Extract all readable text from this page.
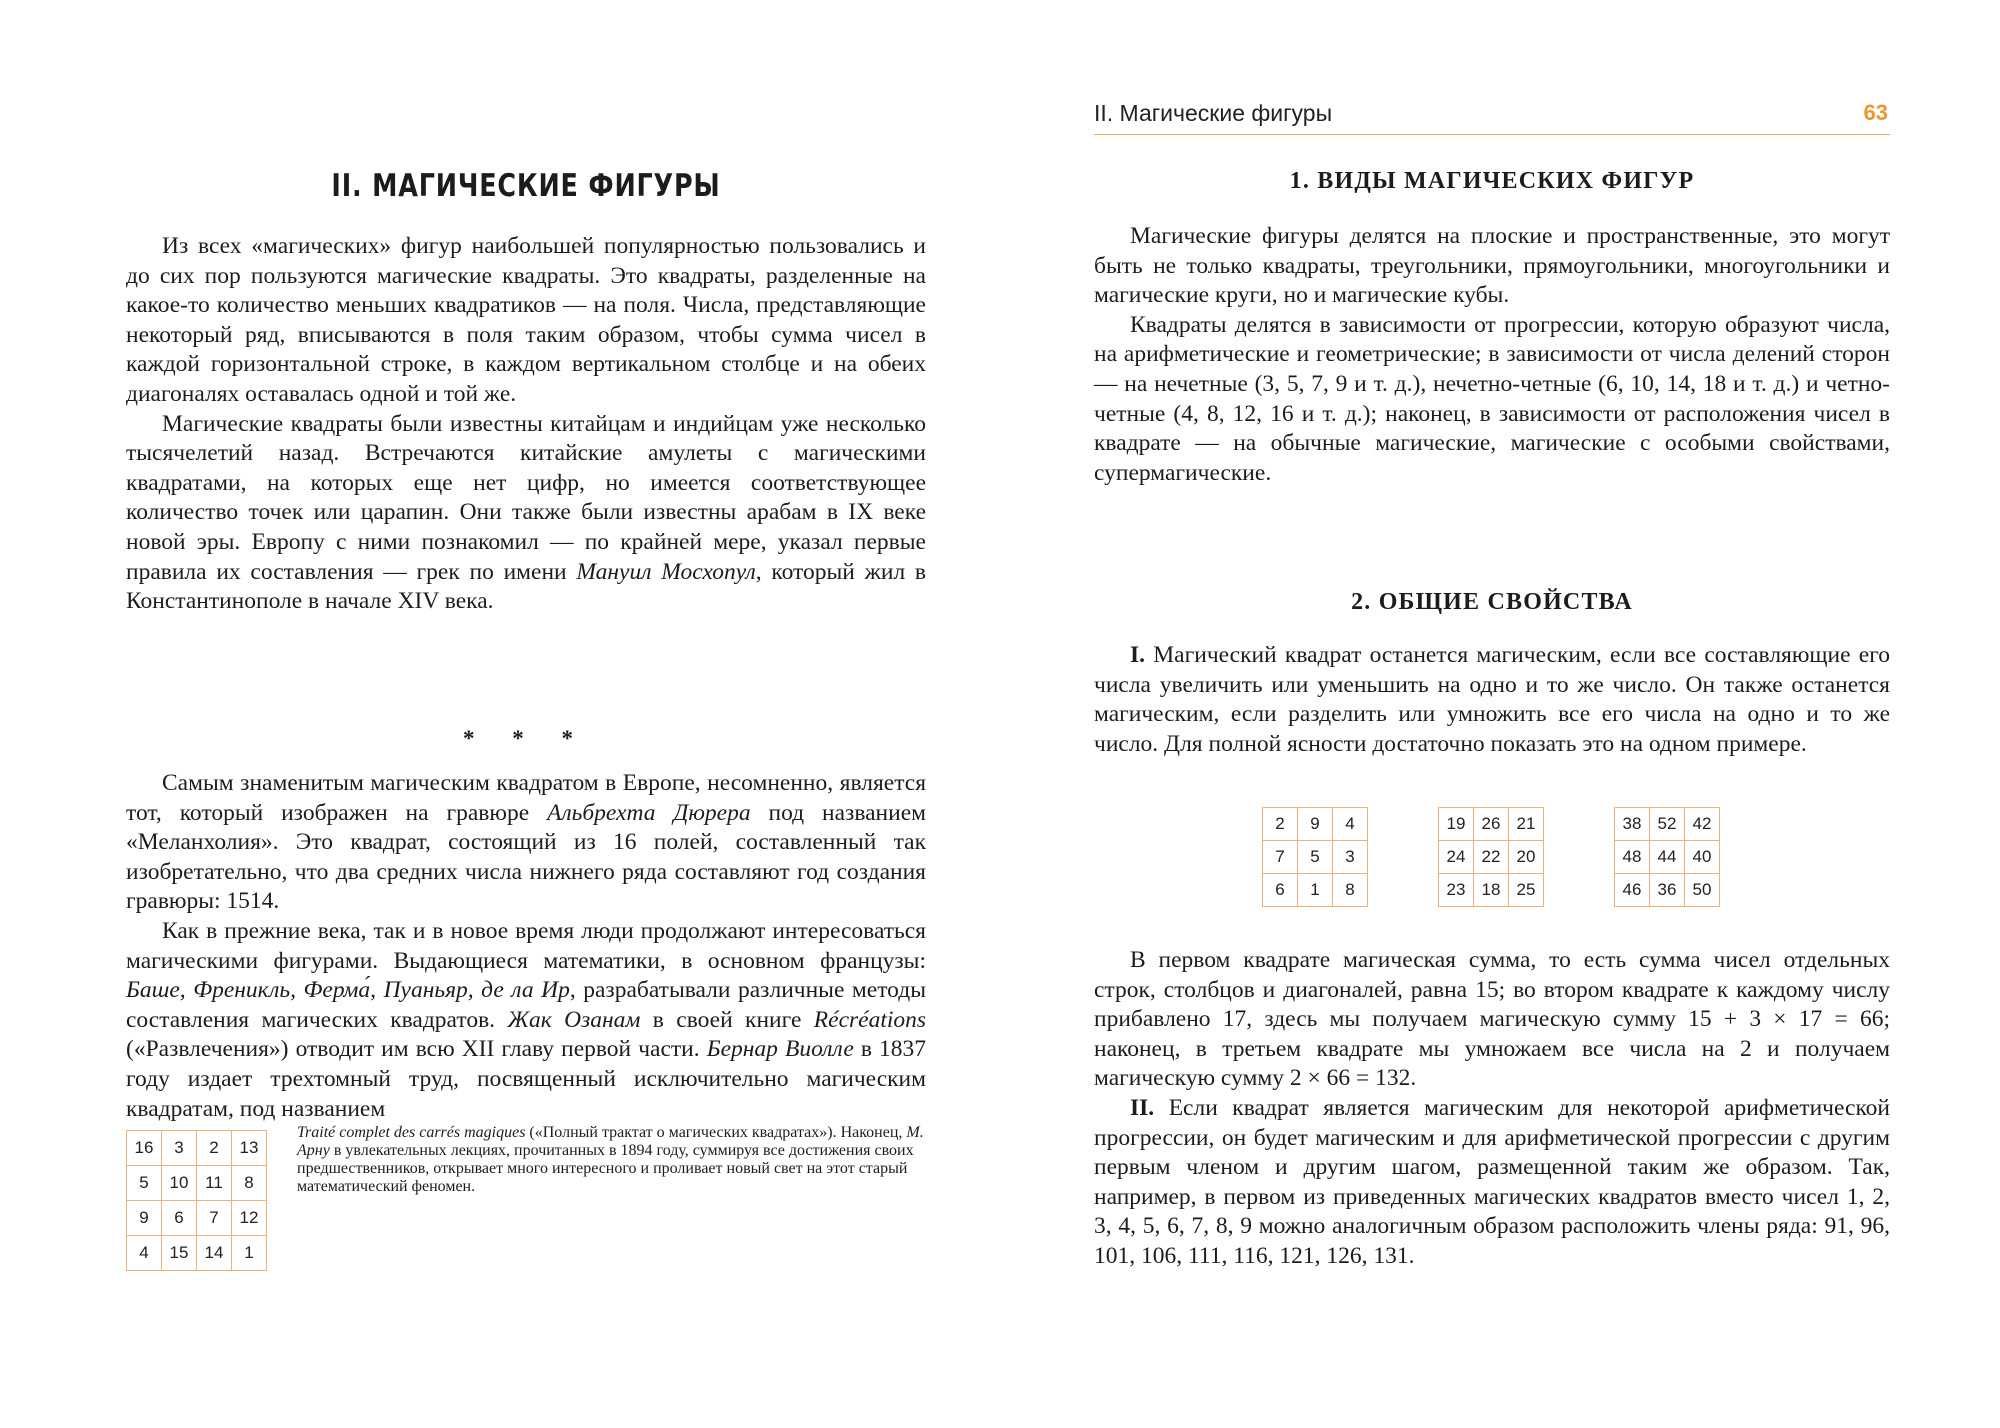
II. МАГИЧЕСКИЕ ФИГУРЫ

Из всех «магических» фигур наибольшей популярностью пользовались и до сих пор пользуются магические квадраты. Это квадраты, разделенные на какое-то количество меньших квадратиков — на поля. Числа, представляющие некоторый ряд, вписываются в поля таким образом, чтобы сумма чисел в каждой горизонтальной строке, в каждом вертикальном столбце и на обеих диагоналях оставалась одной и той же.

Магические квадраты были известны китайцам и индийцам уже несколько тысячелетий назад. Встречаются китайские амулеты с магическими квадратами, на которых еще нет цифр, но имеется соответствующее количество точек или царапин. Они также были известны арабам в IX веке новой эры. Европу с ними познакомил — по крайней мере, указал первые правила их составления — грек по имени Мануил Мосхопул, который жил в Константинополе в начале XIV века.

* * *

Самым знаменитым магическим квадратом в Европе, несомненно, является тот, который изображен на гравюре Альбрехта Дюрера под названием «Меланхолия». Это квадрат, состоящий из 16 полей, составленный так изобретательно, что два средних числа нижнего ряда составляют год создания гравюры: 1514.

Как в прежние века, так и в новое время люди продолжают интересоваться магическими фигурами. Выдающиеся математики, в основном французы: Баше, Френикль, Ферма́, Пуаньяр, де ла Ир, разрабатывали различные методы составления магических квадратов. Жак Озанам в своей книге Récréations («Развлечения») отводит им всю XII главу первой части. Бернар Виолле в 1837 году издает трехтомный труд, посвященный исключительно магическим квадратам, под названием

16	3	2	13
5	10	11	8
9	6	7	12
4	15	14	1
Traité complet des carrés magiques («Полный трактат о магических квадратах»). Наконец, М. Арну в увлекательных лекциях, прочитанных в 1894 году, суммируя все достижения своих предшественников, открывает много интересного и проливает новый свет на этот старый математический феномен.

II. Магические фигуры	63
1. ВИДЫ МАГИЧЕСКИХ ФИГУР

Магические фигуры делятся на плоские и пространственные, это могут быть не только квадраты, треугольники, прямоугольники, многоугольники и магические круги, но и магические кубы.

Квадраты делятся в зависимости от прогрессии, которую образуют числа, на арифметические и геометрические; в зависимости от числа делений сторон — на нечетные (3, 5, 7, 9 и т. д.), нечетно-четные (6, 10, 14, 18 и т. д.) и четно-четные (4, 8, 12, 16 и т. д.); наконец, в зависимости от расположения чисел в квадрате — на обычные магические, магические с особыми свойствами, супермагические.

2. ОБЩИЕ СВОЙСТВА

I. Магический квадрат останется магическим, если все составляющие его числа увеличить или уменьшить на одно и то же число. Он также останется магическим, если разделить или умножить все его числа на одно и то же число. Для полной ясности достаточно показать это на одном примере.

2	9	4
7	5	3
6	1	8
19	26	21
24	22	20
23	18	25
38	52	42
48	44	40
46	36	50

В первом квадрате магическая сумма, то есть сумма чисел отдельных строк, столбцов и диагоналей, равна 15; во втором квадрате к каждому числу прибавлено 17, здесь мы получаем магическую сумму 15 + 3 × 17 = 66; наконец, в третьем квадрате мы умножаем все числа на 2 и получаем магическую сумму 2 × 66 = 132.

II. Если квадрат является магическим для некоторой арифметической прогрессии, он будет магическим и для арифметической прогрессии с другим первым членом и другим шагом, размещенной таким же образом. Так, например, в первом из приведенных магических квадратов вместо чисел 1, 2, 3, 4, 5, 6, 7, 8, 9 можно аналогичным образом расположить члены ряда: 91, 96, 101, 106, 111, 116, 121, 126, 131.
